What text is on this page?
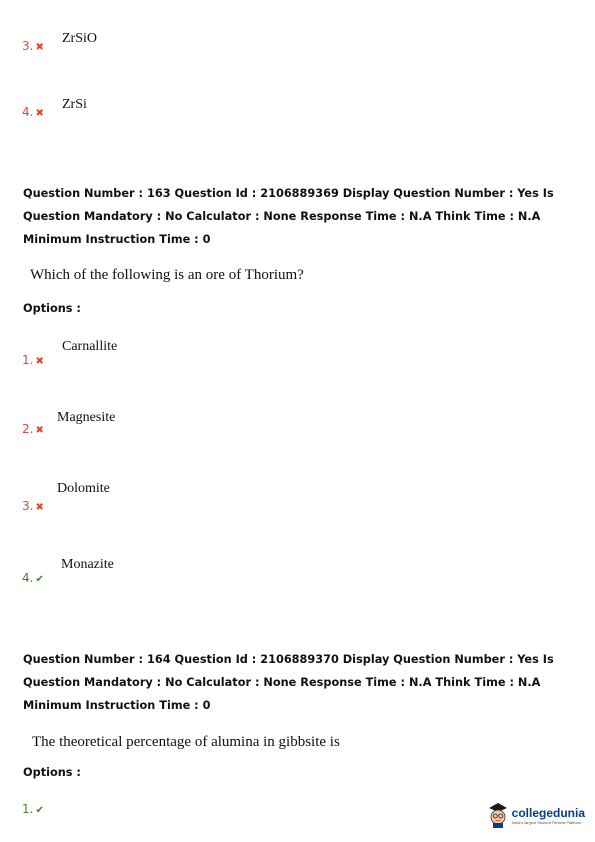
3. ✖
ZrSiO
4. ✖
ZrSi
Question Number : 163 Question Id : 2106889369 Display Question Number : Yes Is Question Mandatory : No Calculator : None Response Time : N.A Think Time : N.A Minimum Instruction Time : 0
Which of the following is an ore of Thorium?
Options :
1. ✖
Carnallite
2. ✖
Magnesite
3. ✖
Dolomite
4. ✔
Monazite
Question Number : 164 Question Id : 2106889370 Display Question Number : Yes Is Question Mandatory : No Calculator : None Response Time : N.A Think Time : N.A Minimum Instruction Time : 0
The theoretical percentage of alumina in gibbsite is
Options :
1. ✔	collegedunia
India's largest Student Review Platform
